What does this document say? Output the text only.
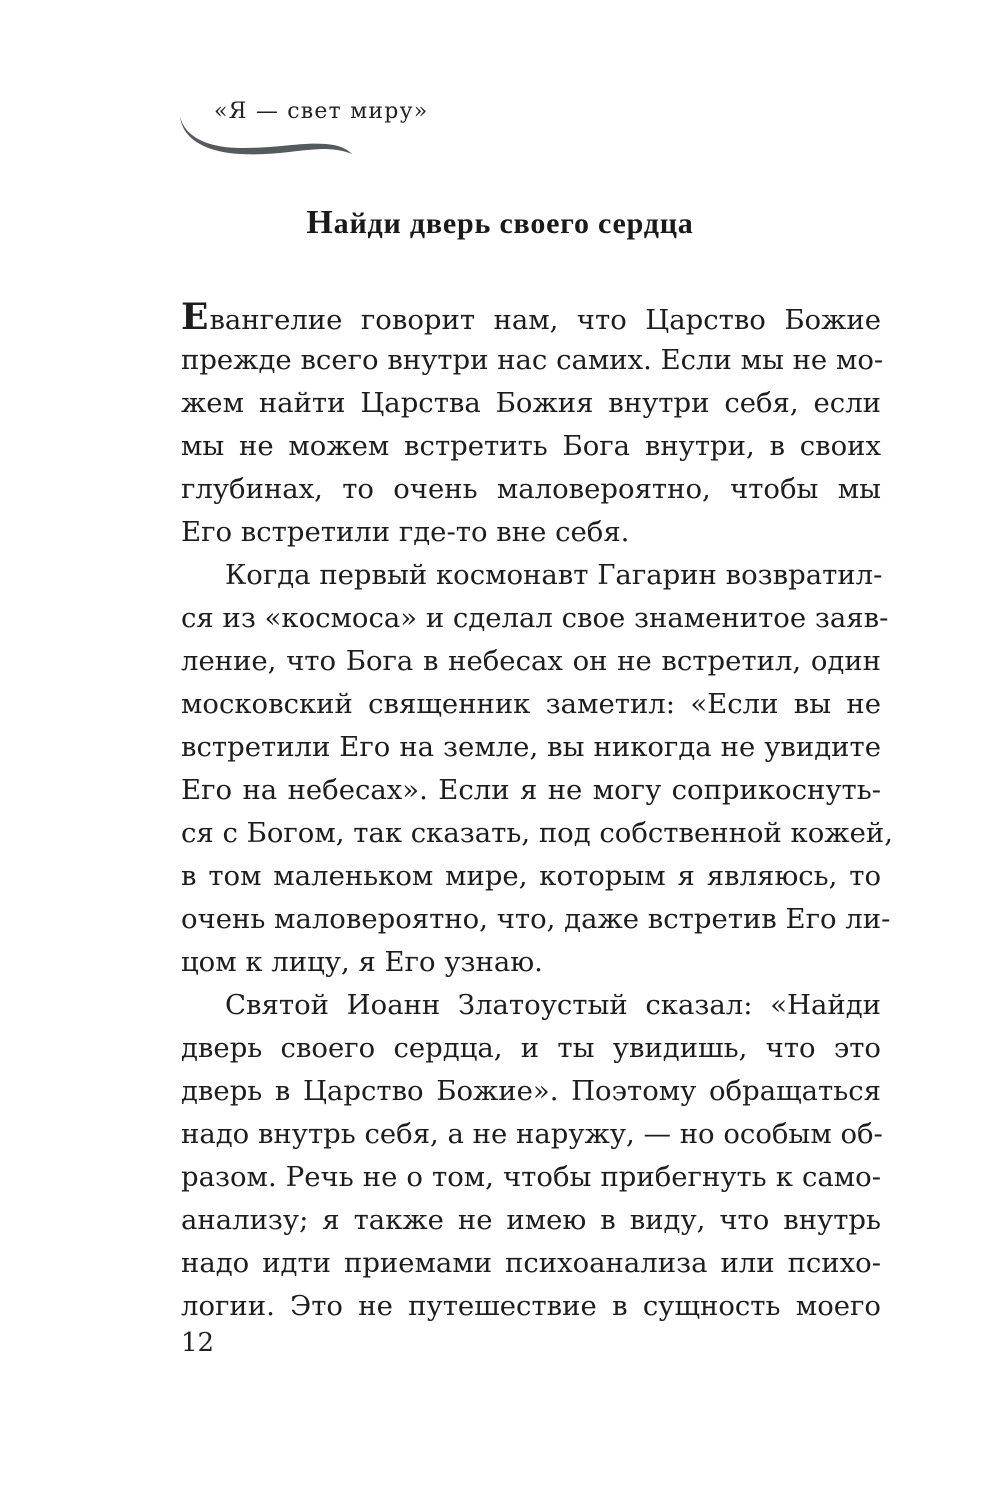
«Я — свет миру»
Найди дверь своего сердца
Евангелие говорит нам, что Царство Божие
прежде всего внутри нас самих. Если мы не мо-
жем найти Царства Божия внутри себя, если
мы не можем встретить Бога внутри, в своих
глубинах, то очень маловероятно, чтобы мы
Его встретили где-то вне себя.
Когда первый космонавт Гагарин возвратил-
ся из «космоса» и сделал свое знаменитое заяв-
ление, что Бога в небесах он не встретил, один
московский священник заметил: «Если вы не
встретили Его на земле, вы никогда не увидите
Его на небесах». Если я не могу соприкоснуть-
ся с Богом, так сказать, под собственной кожей,
в том маленьком мире, которым я являюсь, то
очень маловероятно, что, даже встретив Его ли-
цом к лицу, я Его узнаю.
Святой Иоанн Златоустый сказал: «Найди
дверь своего сердца, и ты увидишь, что это
дверь в Царство Божие». Поэтому обращаться
надо внутрь себя, а не наружу, — но особым об-
разом. Речь не о том, чтобы прибегнуть к само-
анализу; я также не имею в виду, что внутрь
надо идти приемами психоанализа или психо-
логии. Это не путешествие в сущность моего
12
